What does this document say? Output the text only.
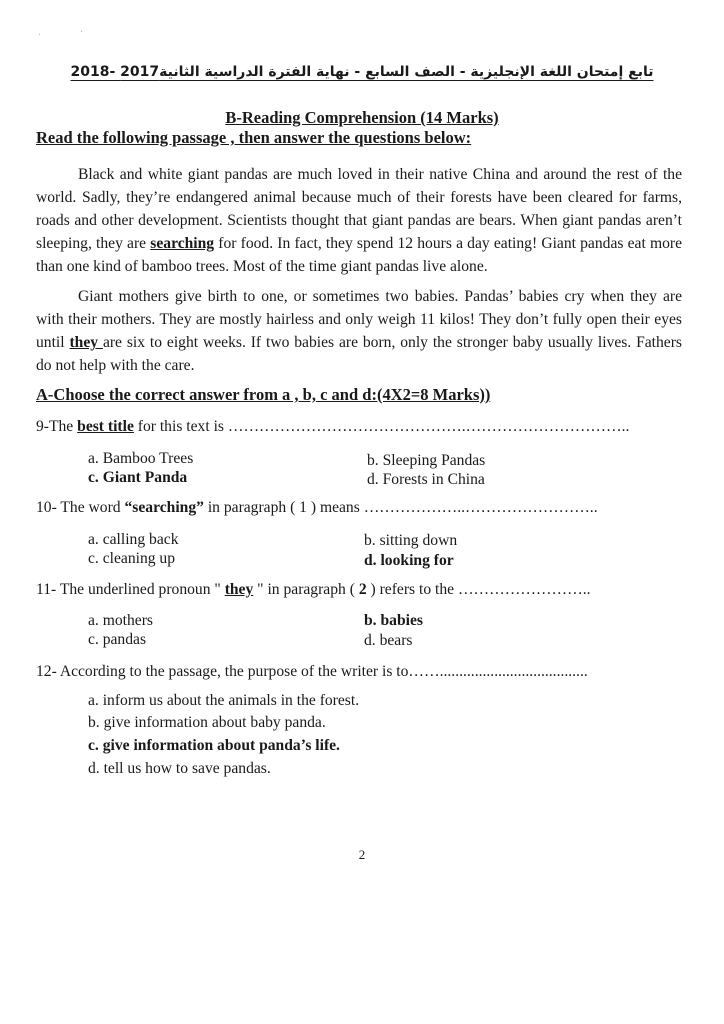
·	·
تابع إمتحان اللغة الإنجليزية - الصف السابع - نهاية الفترة الدراسية الثانية2017 -2018
B-Reading Comprehension (14 Marks)
Read the following passage , then answer the questions below:
Black and white giant pandas are much loved in their native China and around the rest of the world. Sadly, they’re endangered animal because much of their forests have been cleared for farms, roads and other development. Scientists thought that giant pandas are bears. When giant pandas aren’t sleeping, they are searching for food. In fact, they spend 12 hours a day eating! Giant pandas eat more than one kind of bamboo trees. Most of the time giant pandas live alone.
Giant mothers give birth to one, or sometimes two babies. Pandas’ babies cry when they are with their mothers. They are mostly hairless and only weigh 11 kilos! They don’t fully open their eyes until they are six to eight weeks. If two babies are born, only the stronger baby usually lives. Fathers do not help with the care.
A-Choose the correct answer from a , b, c and d:(4X2=8 Marks))
9-The best title for this text is ……………………………………….…………………………..
a. Bamboo Trees	b. Sleeping Pandas
c. Giant Panda	d. Forests in China
10- The word “searching” in paragraph ( 1 ) means ………………..……………………..
a. calling back	b. sitting down
c. cleaning up	d. looking for
11- The underlined pronoun " they " in paragraph ( 2 ) refers to the ……………………..
a. mothers	b. babies
c. pandas	d. bears
12- According to the passage, the purpose of the writer is to……......................................
a. inform us about the animals in the forest.
b. give information about baby panda.
c. give information about panda’s life.
d. tell us how to save pandas.
2
